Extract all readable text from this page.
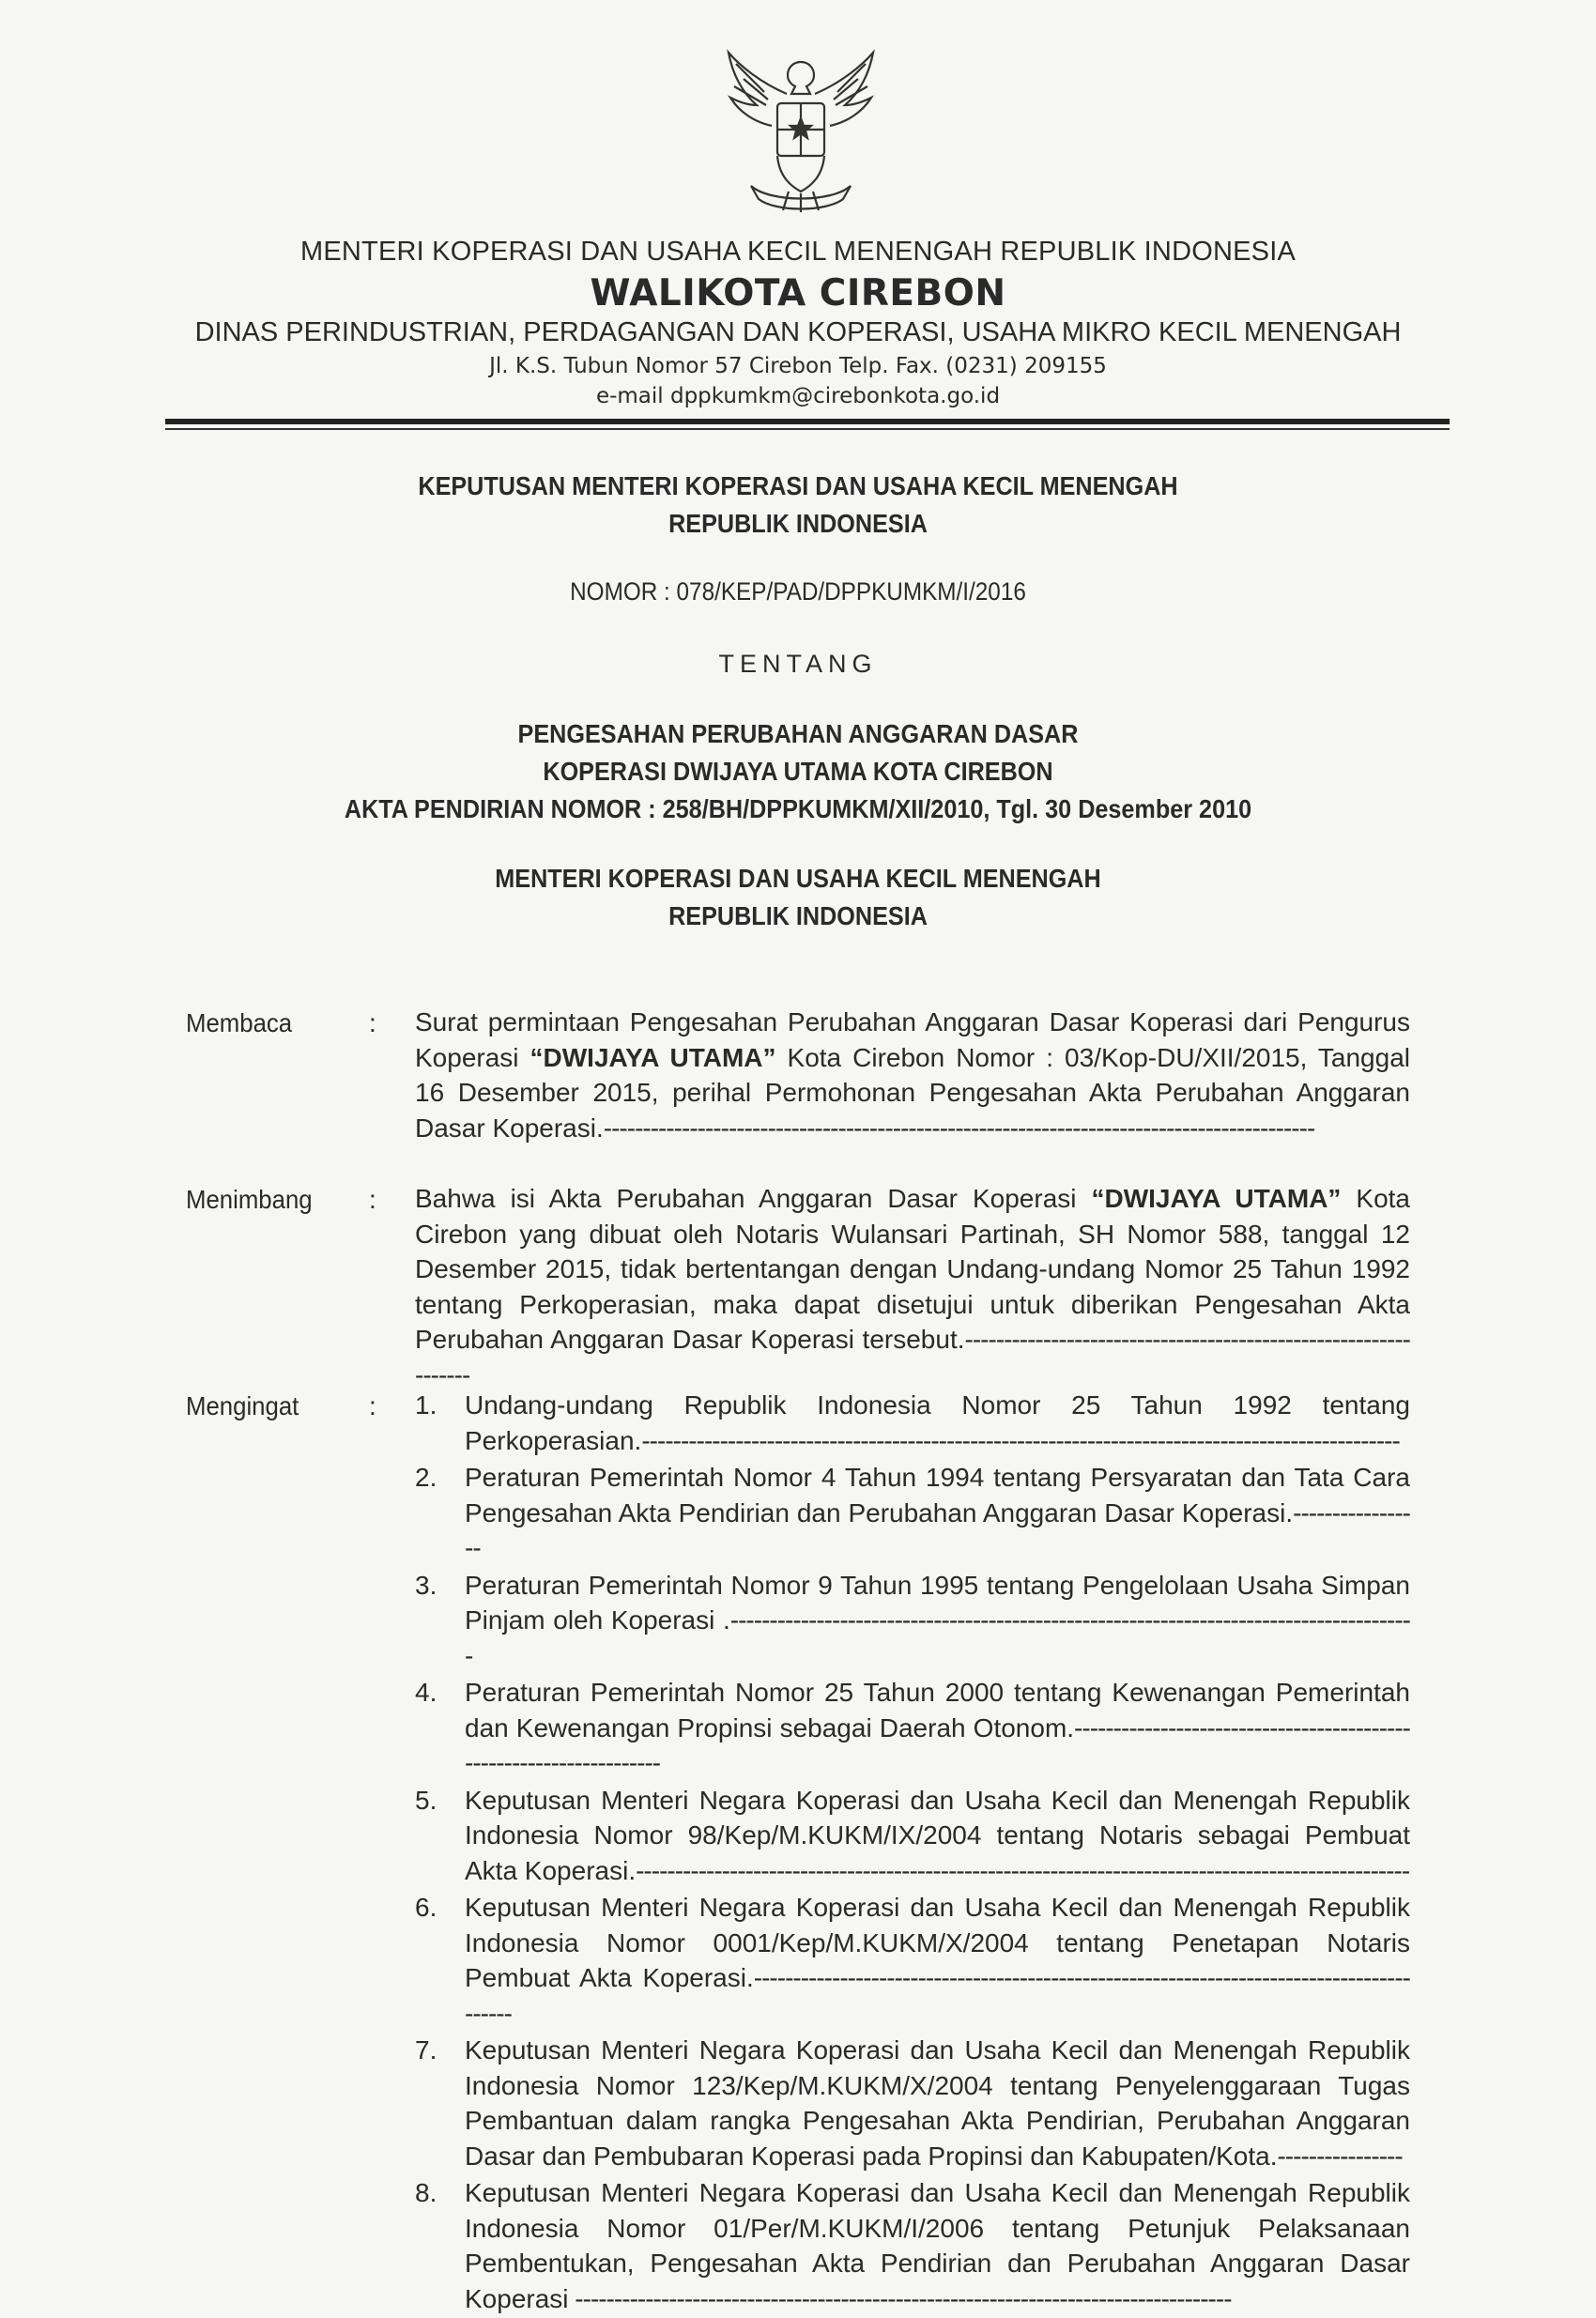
MENTERI KOPERASI DAN USAHA KECIL MENENGAH REPUBLIK INDONESIA
WALIKOTA CIREBON
DINAS PERINDUSTRIAN, PERDAGANGAN DAN KOPERASI, USAHA MIKRO KECIL MENENGAH
Jl. K.S. Tubun Nomor 57 Cirebon Telp. Fax. (0231) 209155
e-mail dppkumkm@cirebonkota.go.id
KEPUTUSAN MENTERI KOPERASI DAN USAHA KECIL MENENGAH
REPUBLIK INDONESIA
NOMOR : 078/KEP/PAD/DPPKUMKM/I/2016
TENTANG
PENGESAHAN PERUBAHAN ANGGARAN DASAR
KOPERASI DWIJAYA UTAMA KOTA CIREBON
AKTA PENDIRIAN NOMOR : 258/BH/DPPKUMKM/XII/2010, Tgl. 30 Desember 2010
MENTERI KOPERASI DAN USAHA KECIL MENENGAH
REPUBLIK INDONESIA
Membaca	: Surat permintaan Pengesahan Perubahan Anggaran Dasar Koperasi dari Pengurus Koperasi “DWIJAYA UTAMA” Kota Cirebon Nomor : 03/Kop-DU/XII/2015, Tanggal 16 Desember 2015, perihal Permohonan Pengesahan Akta Perubahan Anggaran Dasar Koperasi.-------------------------------------------------------------------------------------------
Menimbang : Bahwa isi Akta Perubahan Anggaran Dasar Koperasi “DWIJAYA UTAMA” Kota Cirebon yang dibuat oleh Notaris Wulansari Partinah, SH Nomor 588, tanggal 12 Desember 2015, tidak bertentangan dengan Undang-undang Nomor 25 Tahun 1992 tentang Perkoperasian, maka dapat disetujui untuk diberikan Pengesahan Akta Perubahan Anggaran Dasar Koperasi tersebut.----------------------------------------------------------------
Mengingat	: 1. Undang-undang Republik Indonesia Nomor 25 Tahun 1992 tentang Perkoperasian.-------------------------------------------------------------------------------------------------
2. Peraturan Pemerintah Nomor 4 Tahun 1994 tentang Persyaratan dan Tata Cara Pengesahan Akta Pendirian dan Perubahan Anggaran Dasar Koperasi.-----------------
3. Peraturan Pemerintah Nomor 9 Tahun 1995 tentang Pengelolaan Usaha Simpan Pinjam oleh Koperasi .----------------------------------------------------------------------------------------
4. Peraturan Pemerintah Nomor 25 Tahun 2000 tentang Kewenangan Pemerintah dan Kewenangan Propinsi sebagai Daerah Otonom.--------------------------------------------------------------------
5. Keputusan Menteri Negara Koperasi dan Usaha Kecil dan Menengah Republik Indonesia Nomor 98/Kep/M.KUKM/IX/2004 tentang Notaris sebagai Pembuat Akta Koperasi.---------------------------------------------------------------------------------------------------
6. Keputusan Menteri Negara Koperasi dan Usaha Kecil dan Menengah Republik Indonesia Nomor 0001/Kep/M.KUKM/X/2004 tentang Penetapan Notaris Pembuat Akta Koperasi.------------------------------------------------------------------------------------------
7. Keputusan Menteri Negara Koperasi dan Usaha Kecil dan Menengah Republik Indonesia Nomor 123/Kep/M.KUKM/X/2004 tentang Penyelenggaraan Tugas Pembantuan dalam rangka Pengesahan Akta Pendirian, Perubahan Anggaran Dasar dan Pembubaran Koperasi pada Propinsi dan Kabupaten/Kota.----------------
8. Keputusan Menteri Negara Koperasi dan Usaha Kecil dan Menengah Republik Indonesia Nomor 01/Per/M.KUKM/I/2006 tentang Petunjuk Pelaksanaan Pembentukan, Pengesahan Akta Pendirian dan Perubahan Anggaran Dasar Koperasi ------------------------------------------------------------------------------------
